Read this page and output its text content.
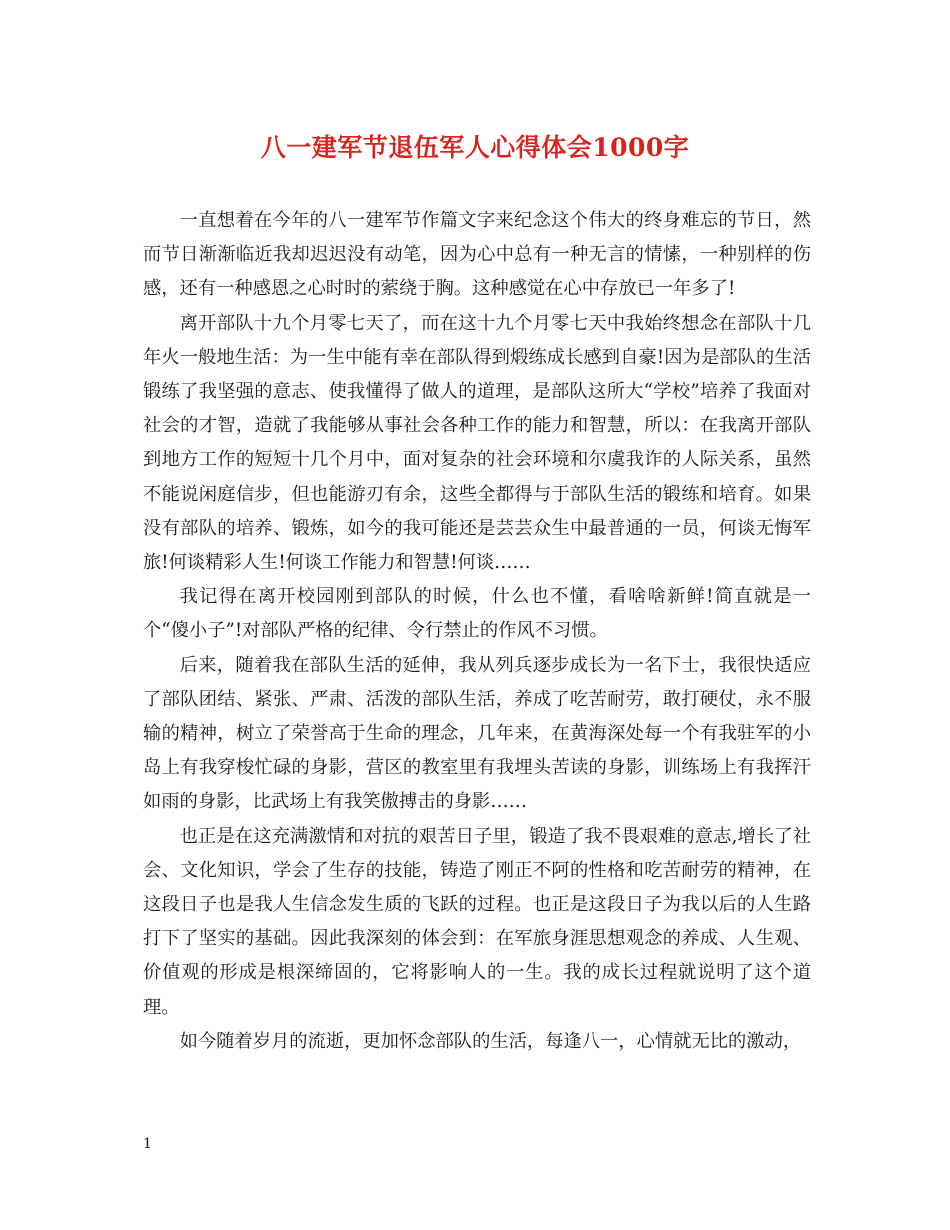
八一建军节退伍军人心得体会1000字

一直想着在今年的八一建军节作篇文字来纪念这个伟大的终身难忘的节日，然而节日渐渐临近我却迟迟没有动笔，因为心中总有一种无言的情愫，一种别样的伤感，还有一种感恩之心时时的萦绕于胸。这种感觉在心中存放已一年多了!

离开部队十九个月零七天了，而在这十九个月零七天中我始终想念在部队十几年火一般地生活：为一生中能有幸在部队得到煅练成长感到自豪!因为是部队的生活锻练了我坚强的意志、使我懂得了做人的道理，是部队这所大“学校”培养了我面对社会的才智，造就了我能够从事社会各种工作的能力和智慧，所以：在我离开部队到地方工作的短短十几个月中，面对复杂的社会环境和尔虞我诈的人际关系，虽然不能说闲庭信步，但也能游刃有余，这些全都得与于部队生活的锻练和培育。如果没有部队的培养、锻炼，如今的我可能还是芸芸众生中最普通的一员，何谈无悔军旅!何谈精彩人生!何谈工作能力和智慧!何谈……

我记得在离开校园刚到部队的时候，什么也不懂，看啥啥新鲜!简直就是一个“傻小子”!对部队严格的纪律、令行禁止的作风不习惯。

后来，随着我在部队生活的延伸，我从列兵逐步成长为一名下士，我很快适应了部队团结、紧张、严肃、活泼的部队生活，养成了吃苦耐劳，敢打硬仗，永不服输的精神，树立了荣誉高于生命的理念，几年来，在黄海深处每一个有我驻军的小岛上有我穿梭忙碌的身影，营区的教室里有我埋头苦读的身影，训练场上有我挥汗如雨的身影，比武场上有我笑傲搏击的身影……

也正是在这充满激情和对抗的艰苦日子里，锻造了我不畏艰难的意志,增长了社会、文化知识，学会了生存的技能，铸造了刚正不阿的性格和吃苦耐劳的精神，在这段日子也是我人生信念发生质的飞跃的过程。也正是这段日子为我以后的人生路打下了坚实的基础。因此我深刻的体会到：在军旅身涯思想观念的养成、人生观、价值观的形成是根深缔固的，它将影响人的一生。我的成长过程就说明了这个道理。

如今随着岁月的流逝，更加怀念部队的生活，每逢八一，心情就无比的激动，

1
